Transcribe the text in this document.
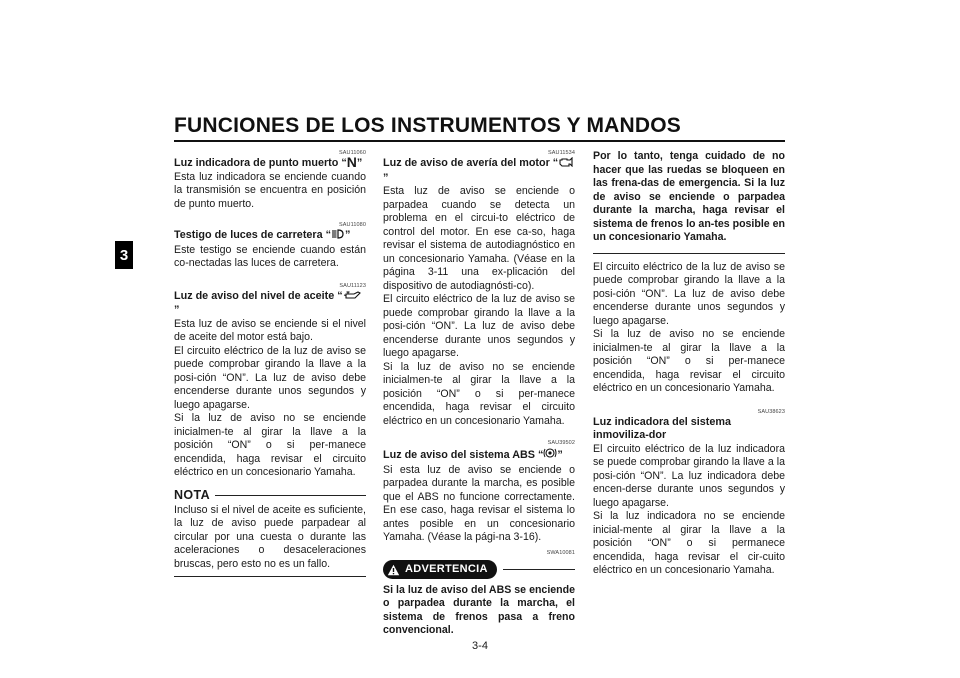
FUNCIONES DE LOS INSTRUMENTOS Y MANDOS
3
SAU11060
Luz indicadora de punto muerto “N”

Esta luz indicadora se enciende cuando la transmisión se encuentra en posición de punto muerto.

SAU11080
Testigo de luces de carretera “ ”

Este testigo se enciende cuando están co-nectadas las luces de carretera.

SAU11123
Luz de aviso del nivel de aceite “”

Esta luz de aviso se enciende si el nivel de aceite del motor está bajo.

El circuito eléctrico de la luz de aviso se puede comprobar girando la llave a la posi-ción “ON”. La luz de aviso debe encenderse durante unos segundos y luego apagarse.

Si la luz de aviso no se enciende inicialmen-te al girar la llave a la posición “ON” o si per-manece encendida, haga revisar el circuito eléctrico en un concesionario Yamaha.

NOTA

Incluso si el nivel de aceite es suficiente, la luz de aviso puede parpadear al circular por una cuesta o durante las aceleraciones o desaceleraciones bruscas, pero esto no es un fallo.

SAU11534
Luz de aviso de avería del motor “”

Esta luz de aviso se enciende o parpadea cuando se detecta un problema en el circui-to eléctrico de control del motor. En ese ca-so, haga revisar el sistema de autodiagnóstico en un concesionario Yamaha. (Véase en la página 3-11 una ex-plicación del dispositivo de autodiagnósti-co).

El circuito eléctrico de la luz de aviso se puede comprobar girando la llave a la posi-ción “ON”. La luz de aviso debe encenderse durante unos segundos y luego apagarse.

Si la luz de aviso no se enciende inicialmen-te al girar la llave a la posición “ON” o si per-manece encendida, haga revisar el circuito eléctrico en un concesionario Yamaha.

SAU39502
Luz de aviso del sistema ABS “ ”

Si esta luz de aviso se enciende o parpadea durante la marcha, es posible que el ABS no funcione correctamente. En ese caso, haga revisar el sistema lo antes posible en un concesionario Yamaha. (Véase la pági-na 3-16).

SWA10081
ADVERTENCIA

Si la luz de aviso del ABS se enciende o parpadea durante la marcha, el sistema de frenos pasa a freno convencional.

Por lo tanto, tenga cuidado de no hacer que las ruedas se bloqueen en las frena-das de emergencia. Si la luz de aviso se enciende o parpadea durante la marcha, haga revisar el sistema de frenos lo an-tes posible en un concesionario Yamaha.

El circuito eléctrico de la luz de aviso se puede comprobar girando la llave a la posi-ción “ON”. La luz de aviso debe encenderse durante unos segundos y luego apagarse.

Si la luz de aviso no se enciende inicialmen-te al girar la llave a la posición “ON” o si per-manece encendida, haga revisar el circuito eléctrico en un concesionario Yamaha.

SAU38623
Luz indicadora del sistema inmoviliza-dor

El circuito eléctrico de la luz indicadora se puede comprobar girando la llave a la posi-ción “ON”. La luz indicadora debe encen-derse durante unos segundos y luego apagarse.

Si la luz indicadora no se enciende inicial-mente al girar la llave a la posición “ON” o si permanece encendida, haga revisar el cir-cuito eléctrico en un concesionario Yamaha.

3-4
